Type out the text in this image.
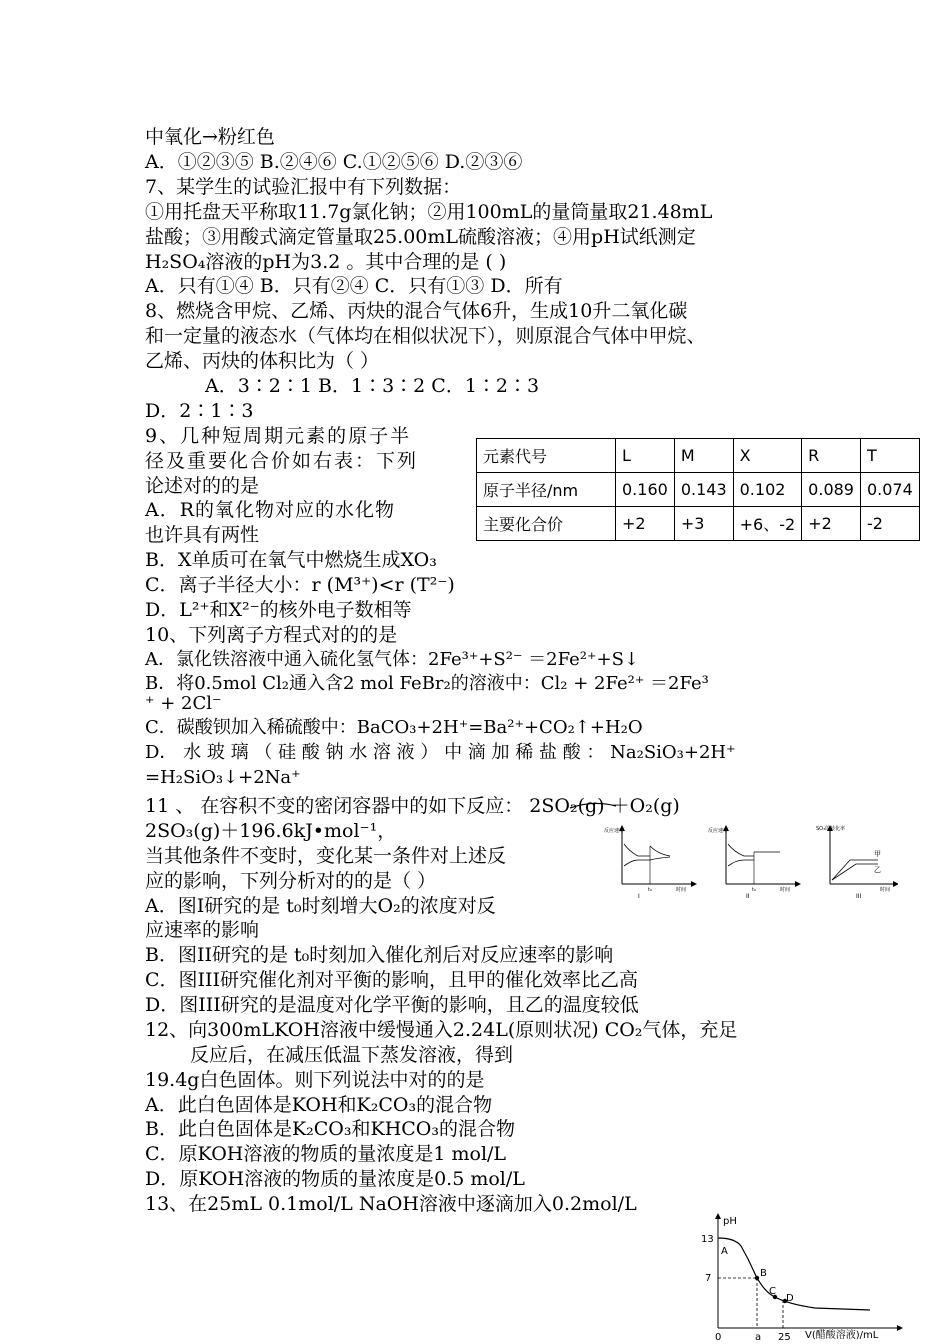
中氧化→粉红色
A．①②③⑤ B.②④⑥ C.①②⑤⑥ D.②③⑥
7、某学生的试验汇报中有下列数据：
①用托盘天平称取11.7g氯化钠；②用100mL的量筒量取21.48mL
盐酸；③用酸式滴定管量取25.00mL硫酸溶液；④用pH试纸测定
H₂SO₄溶液的pH为3.2 。其中合理的是 ( )
A．只有①④ B．只有②④ C．只有①③ D．所有
8、燃烧含甲烷、乙烯、丙炔的混合气体6升，生成10升二氧化碳
和一定量的液态水（气体均在相似状况下），则原混合气体中甲烷、
乙烯、丙炔的体积比为（ ）
A．3∶2∶1 B．1∶3∶2 C．1∶2∶3
D．2∶1∶3
9、几种短周期元素的原子半
径及重要化合价如右表：下列
论述对的的是
A．R的氧化物对应的水化物
也许具有两性
B．X单质可在氧气中燃烧生成XO₃
C．离子半径大小：r (M³⁺)<r (T²⁻)
D．L²⁺和X²⁻的核外电子数相等
10、下列离子方程式对的的是
A．氯化铁溶液中通入硫化氢气体：2Fe³⁺+S²⁻ ＝2Fe²⁺+S↓
B．将0.5mol Cl₂通入含2 mol FeBr₂的溶液中：Cl₂ + 2Fe²⁺ ＝2Fe³
⁺ + 2Cl⁻
C．碳酸钡加入稀硫酸中：BaCO₃+2H⁺=Ba²⁺+CO₂↑+H₂O
D． 水 玻 璃 （ 硅 酸 钠 水 溶 液 ） 中 滴 加 稀 盐 酸 ： Na₂SiO₃+2H⁺
=H₂SiO₃↓+2Na⁺
11 、 在容积不变的密闭容器中的如下反应： 2SO₂(g) ＋O₂(g)
2SO₃(g)＋196.6kJ•mol⁻¹，
当其他条件不变时，变化某一条件对上述反
应的影响，下列分析对的的是（ ）
A．图I研究的是 t₀时刻增大O₂的浓度对反
应速率的影响
B．图II研究的是 t₀时刻加入催化剂后对反应速率的影响
C．图III研究催化剂对平衡的影响，且甲的催化效率比乙高
D．图III研究的是温度对化学平衡的影响，且乙的温度较低
12、向300mLKOH溶液中缓慢通入2.24L(原则状况) CO₂气体，充足
反应后，在减压低温下蒸发溶液，得到
19.4g白色固体。则下列说法中对的的是
A．此白色固体是KOH和K₂CO₃的混合物
B．此白色固体是K₂CO₃和KHCO₃的混合物
C．原KOH溶液的物质的量浓度是1 mol/L
D．原KOH溶液的物质的量浓度是0.5 mol/L
13、在25mL 0.1mol/L NaOH溶液中逐滴加入0.2mol/L
元素代号	L	M	X	R	T
原子半径/nm	0.160	0.143	0.102	0.089	0.074
主要化合价	+2	+3	+6、-2	+2	-2
反应速率
t₀	时间
I
反应速率
t₀	时间
II
SO₃的转化率
甲
乙
时间
III
pH
V(醋酸溶液)/mL
13
7
0	a 25
A
B
C
D
